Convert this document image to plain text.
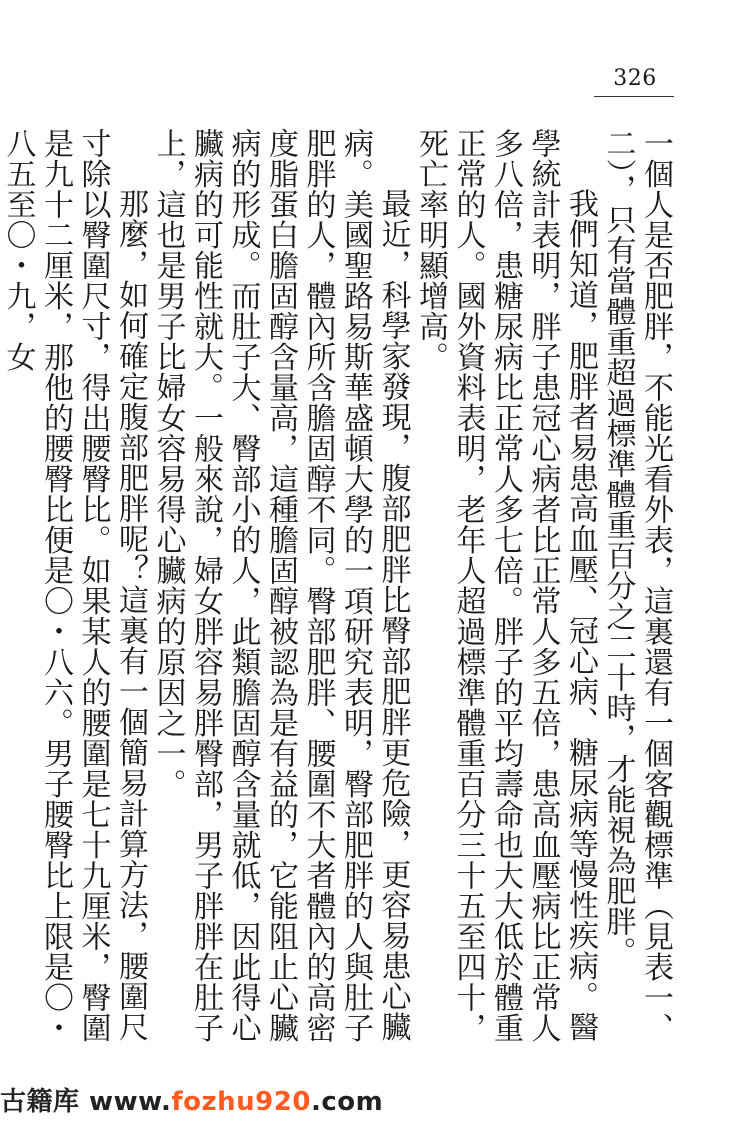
326

一個人是否肥胖，不能光看外表，這裏還有一個客觀標準（見表一、二），只有當體重超過標準體重百分之二十時，才能視為肥胖。

我們知道，肥胖者易患高血壓、冠心病、糖尿病等慢性疾病。醫學統計表明，胖子患冠心病者比正常人多五倍，患高血壓病比正常人多八倍，患糖尿病比正常人多七倍。胖子的平均壽命也大大低於體重正常的人。國外資料表明，老年人超過標準體重百分三十五至四十，死亡率明顯增高。

最近，科學家發現，腹部肥胖比臀部肥胖更危險，更容易患心臟病。美國聖路易斯華盛頓大學的一項研究表明，臀部肥胖的人與肚子肥胖的人，體內所含膽固醇不同。臀部肥胖、腰圍不大者體內的高密度脂蛋白膽固醇含量高，這種膽固醇被認為是有益的，它能阻止心臟病的形成。而肚子大、臀部小的人，此類膽固醇含量就低，因此得心臟病的可能性就大。一般來說，婦女胖容易胖臀部，男子胖胖在肚子上，這也是男子比婦女容易得心臟病的原因之一。

那麼，如何確定腹部肥胖呢？這裏有一個簡易計算方法，腰圍尺寸除以臀圍尺寸，得出腰臀比。如果某人的腰圍是七十九厘米，臀圍是九十二厘米，那他的腰臀比便是〇・八六。男子腰臀比上限是〇・八五至〇・九，女

古籍库 www.fozhu920.com
